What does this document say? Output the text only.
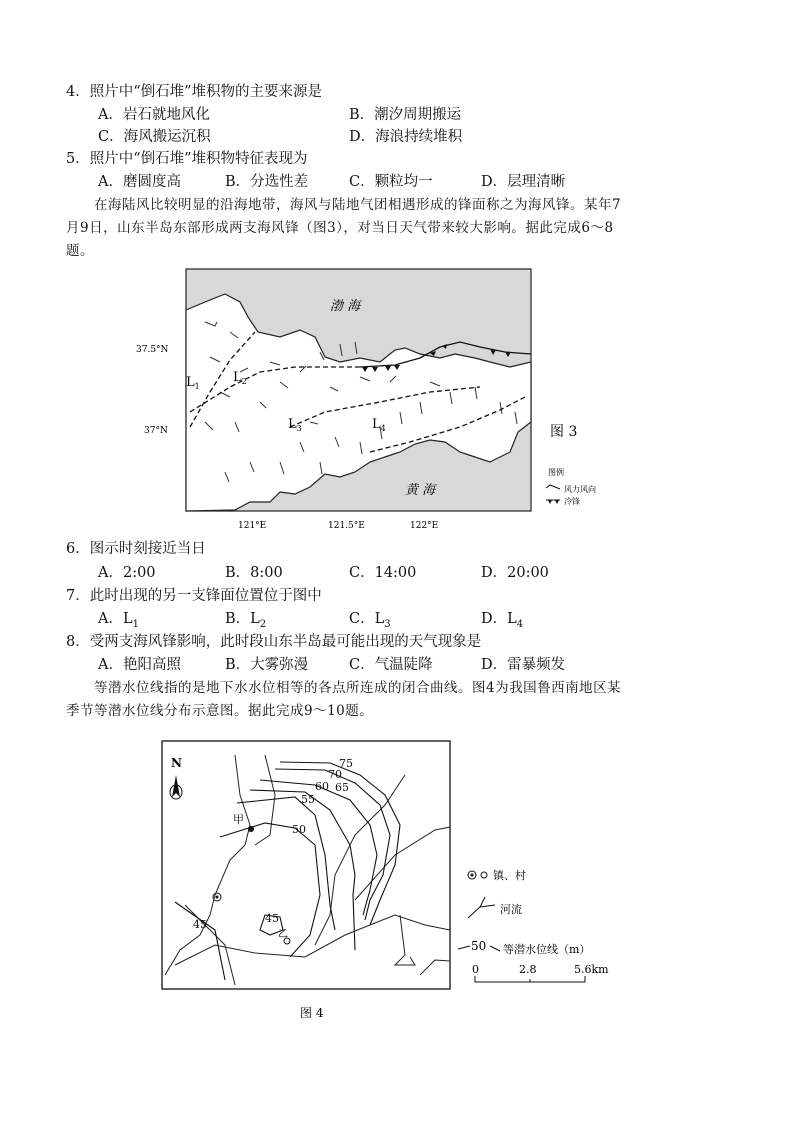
4．照片中“倒石堆”堆积物的主要来源是
A．岩石就地风化	B．潮汐周期搬运
C．海风搬运沉积	D．海浪持续堆积
5．照片中“倒石堆”堆积物特征表现为
A．磨圆度高	B．分选性差	C．颗粒均一	D．层理清晰
在海陆风比较明显的沿海地带，海风与陆地气团相遇形成的锋面称之为海风锋。某年7
月9日，山东半岛东部形成两支海风锋（图3），对当日天气带来较大影响。据此完成6～8
题。
渤 海
黄 海
37.5°N
37°N
121°E	121.5°E	122°E
$L_1$
$L_2$
$L_3$	$L_4$	图 3
图例
风力风向
冷锋
6．图示时刻接近当日
A．2:00	B．8:00	C．14:00	D．20:00
7．此时出现的另一支锋面位置位于图中
A．$L_1$	B．$L_2$	C．$L_3$	D．$L_4$
8．受两支海风锋影响，此时段山东半岛最可能出现的天气现象是
A．艳阳高照	B．大雾弥漫	C．气温陡降	D．雷暴频发
等潜水位线指的是地下水水位相等的各点所连成的闭合曲线。图4为我国鲁西南地区某
季节等潜水位线分布示意图。据此完成9～10题。
N
甲
乙
75
70
65
60
55
50
45	45
镇、村
河流
50 等潜水位线（m）
0	2.8	5.6km
图 4
